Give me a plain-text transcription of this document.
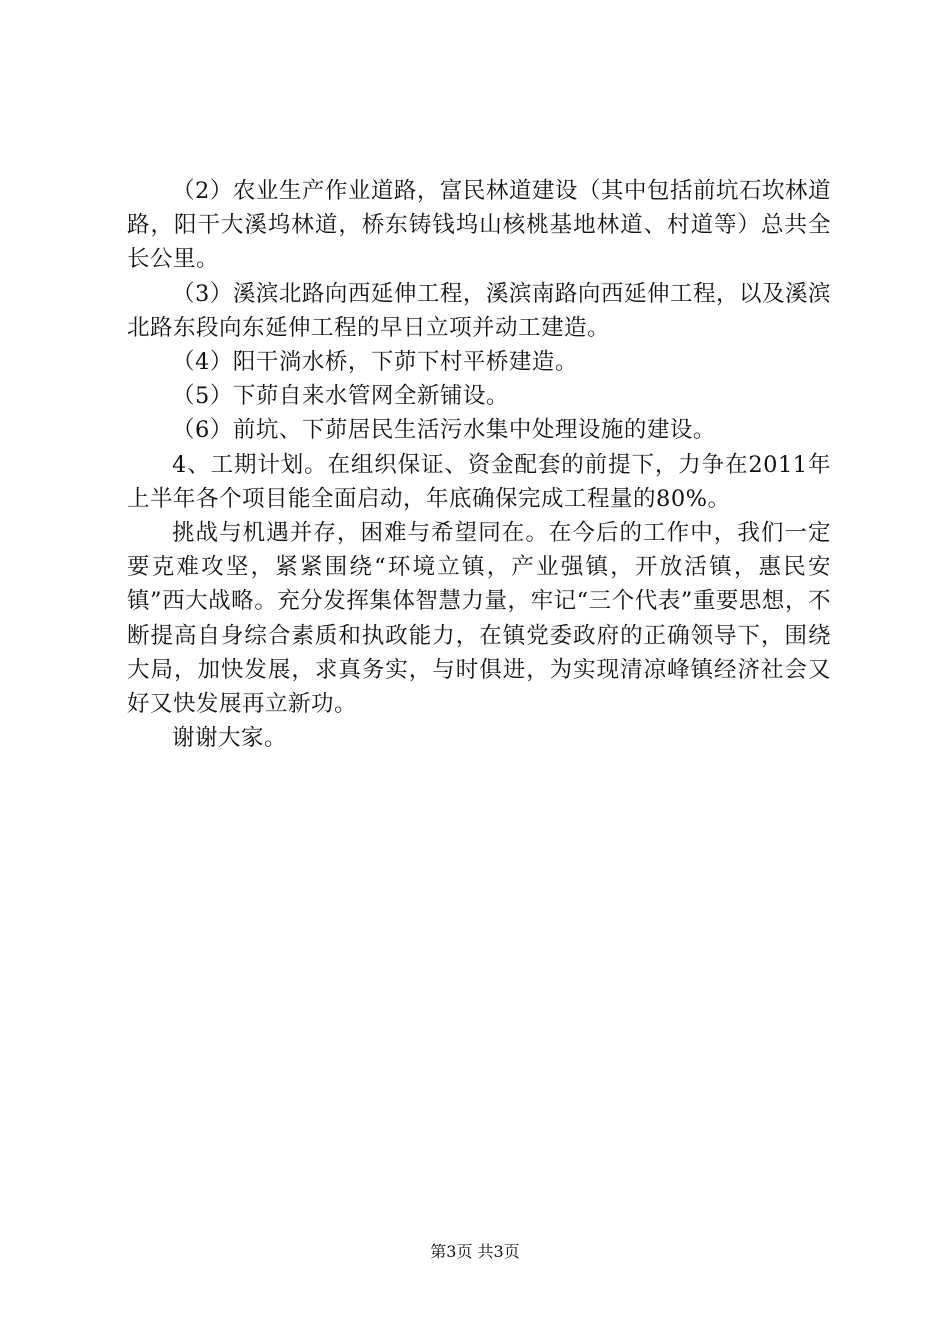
（2）农业生产作业道路，富民林道建设（其中包括前坑石坎林道路，阳干大溪坞林道，桥东铸钱坞山核桃基地林道、村道等）总共全长公里。

（3）溪滨北路向西延伸工程，溪滨南路向西延伸工程，以及溪滨北路东段向东延伸工程的早日立项并动工建造。

（4）阳干淌水桥，下茆下村平桥建造。

（5）下茆自来水管网全新铺设。

（6）前坑、下茆居民生活污水集中处理设施的建设。

4、工期计划。在组织保证、资金配套的前提下，力争在2011年上半年各个项目能全面启动，年底确保完成工程量的80%。

挑战与机遇并存，困难与希望同在。在今后的工作中，我们一定要克难攻坚，紧紧围绕“环境立镇，产业强镇，开放活镇，惠民安镇”西大战略。充分发挥集体智慧力量，牢记“三个代表”重要思想，不断提高自身综合素质和执政能力，在镇党委政府的正确领导下，围绕大局，加快发展，求真务实，与时俱进，为实现清凉峰镇经济社会又好又快发展再立新功。

谢谢大家。

第3页 共3页
